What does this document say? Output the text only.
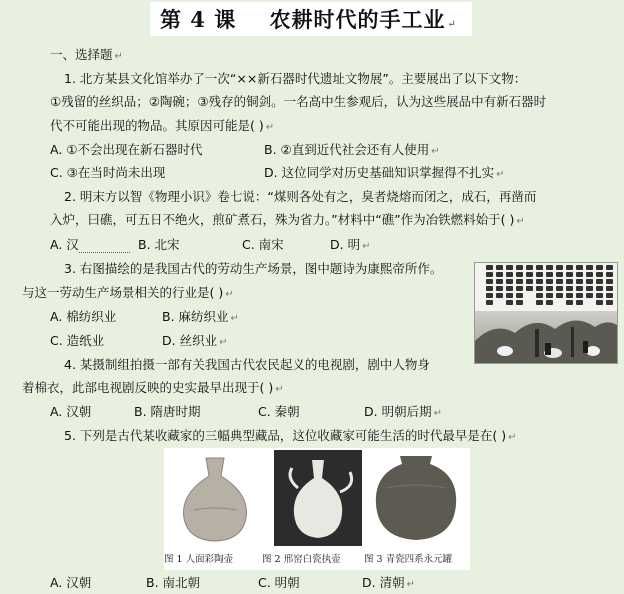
第 4 课    农耕时代的手工业 ↵
一、选择题 ↵
1. 北方某县文化馆举办了一次“××新石器时代遗址文物展”。主要展出了以下文物：
①残留的丝织品；②陶碗；③残存的铜剑。一名高中生参观后，认为这些展品中有新石器时
代不可能出现的物品。其原因可能是( ) ↵
A. ①不会出现在新石器时代	B. ②直到近代社会还有人使用 ↵
C. ③在当时尚未出现	D. 这位同学对历史基础知识掌握得不扎实 ↵
2. 明末方以智《物理小识》卷七说：“煤则各处有之，臭者烧熔而闭之，成石，再凿而
入炉，曰礁，可五日不绝火，煎矿煮石，殊为省力。”材料中“礁”作为冶铁燃料始于( ) ↵
A. 汉	B. 北宋	C. 南宋	D. 明 ↵
3. 右图描绘的是我国古代的劳动生产场景，图中题诗为康熙帝所作。
与这一劳动生产场景相关的行业是( ) ↵
A. 棉纺织业	B. 麻纺织业 ↵
C. 造纸业	D. 丝织业 ↵
4. 某摄制组拍摄一部有关我国古代农民起义的电视剧，剧中人物身
着棉衣，此部电视剧反映的史实最早出现于( ) ↵
A. 汉朝	B. 隋唐时期	C. 秦朝	D. 明朝后期 ↵
5. 下列是古代某收藏家的三幅典型藏品，这位收藏家可能生活的时代最早是在( ) ↵
图 1 人面彩陶壶	图 2 邢窑白瓷执壶 图 3 青瓷四系永元罐
A. 汉朝	B. 南北朝	C. 明朝	D. 清朝 ↵
